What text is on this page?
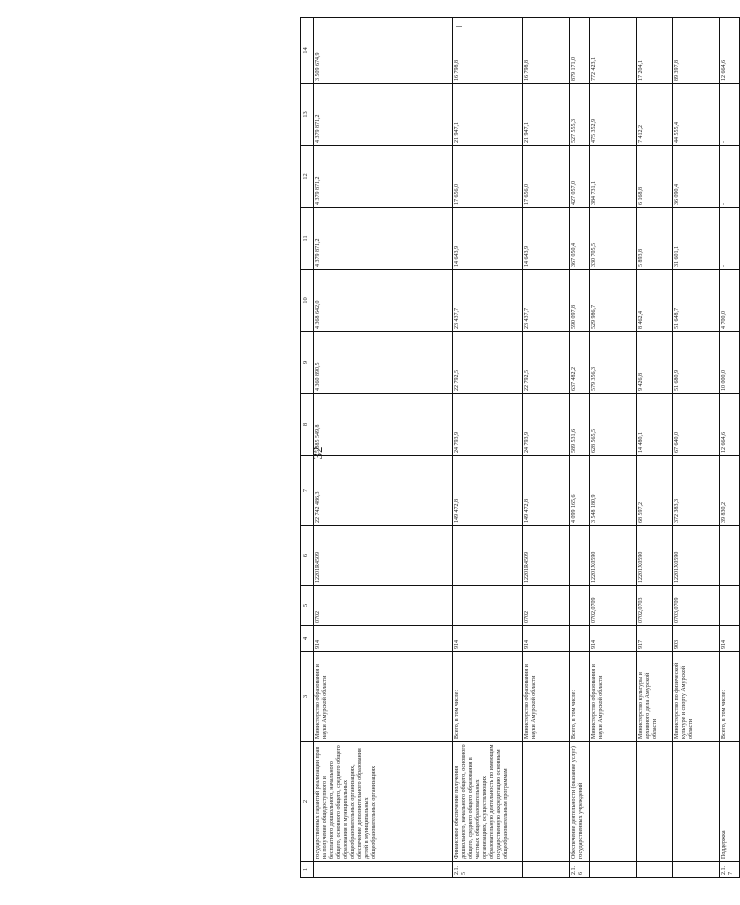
32
1	2	3	4	5	6	7	8	9	10	11	12	13	14
	государственных гарантий реализации прав на получение общедоступного и бесплатного дошкольного, начального общего, основного общего, среднего общего образования в муниципальных общеобразовательных организациях, обеспечение дополнительного образования детей в муниципальных общеобразовательных организациях	Министерство образования и науки Амурской области	914	0702	12201R4509	22 742 486,3	5 385 549,8	4 360 890,5	4 368 642,0	4 379 871,2	4 379 871,2	4 379 871,2	3 509 674,9
2.1.5	Финансовое обеспечение получения дошкольного, начального общего, основного общего, среднего общего образования в частных общеобразовательных организациях, осуществляющих образовательную деятельность по имеющим государственную аккредитацию основным общеобразовательным программам	Всего, в том числе:	914			149 472,8	24 793,9	22 792,5	23 437,7	14 643,9	17 656,0	21 947,1	16 798,8
		Министерство образования и науки Амурской области	914	0702	12201R4509	149 472,8	24 793,9	22 792,5	23 437,7	14 643,9	17 656,0	21 947,1	16 798,8
2.1.6	Обеспечение деятельности (оказание услуг) государственных учреждений	Всего, в том числе:				4 099 165,6	589 531,6	637 482,2	590 097,8	367 050,4	427 057,0	527 555,3	879 171,0
		Министерство образования и науки Амурской области	914	0702,0709	12201X0590	3 548 180,9	628 565,5	579 356,3	529 986,7	330 705,5	384 731,1	475 352,9	772 423,1
		Министерство культуры и архивного дела Амурской области	917	0702,0703	12201X0590	68 597,2	14 480,1	9 426,8	8 462,4	5 893,8	6 168,8	7 412,2	17 204,1
		Министерство по физической культуре и спорту Амурской области	903	0703,0709	12201X0590	372 383,3	67 640,0	51 680,9	51 648,7	31 601,1	36 090,4	44 555,4	89 397,8
2.1.7	Поддержка	Всего, в том числе:	914			39 830,2	12 664,6	10 000,0	4 700,0	-	-	-	12 664,6
